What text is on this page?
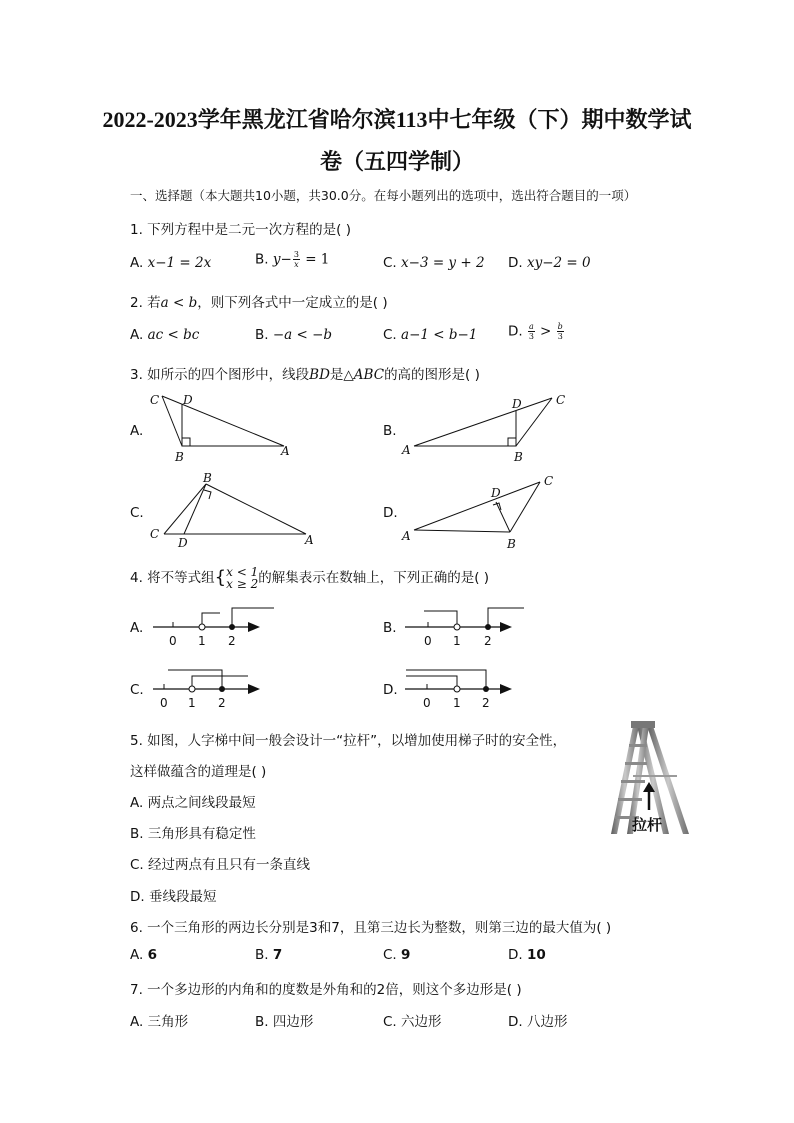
2022-2023学年黑龙江省哈尔滨113中七年级（下）期中数学试
卷（五四学制）
一、选择题（本大题共10小题，共30.0分。在每小题列出的选项中，选出符合题目的一项）
1. 下列方程中是二元一次方程的是( )
A. x−1 = 2x	B. $y- \frac{3}{x} = 1$	C. x−3 = y + 2 D. xy−2 = 0
2. 若a < b，则下列各式中一定成立的是( )
A. ac < bc	B. −a < −b	C. a−1 < b−1 D. $\frac{a}{3} > \frac{b}{3}$
3. 如所示的四个图形中，线段BD是△ABC的高的图形是( )
A.
C D
B	A
B.
A
D
B
C
C.
C
B
D	A
D.
A
D
B
C
4. 将不等式组{ x < 1
x ≥ 2 的解集表示在数轴上，下列正确的是( )
A.
0 1 2
B.
0 1 2
C.
0 1 2
D.
0 1 2
5. 如图，人字梯中间一般会设计一“拉杆”，以增加使用梯子时的安全性，
这样做蕴含的道理是( )
A. 两点之间线段最短
B. 三角形具有稳定性
C. 经过两点有且只有一条直线
D. 垂线段最短
拉杆
6. 一个三角形的两边长分别是3和7，且第三边长为整数，则第三边的最大值为( )
A. 6	B. 7	C. 9	D. 10
7. 一个多边形的内角和的度数是外角和的2倍，则这个多边形是( )
A. 三角形	B. 四边形	C. 六边形	D. 八边形
